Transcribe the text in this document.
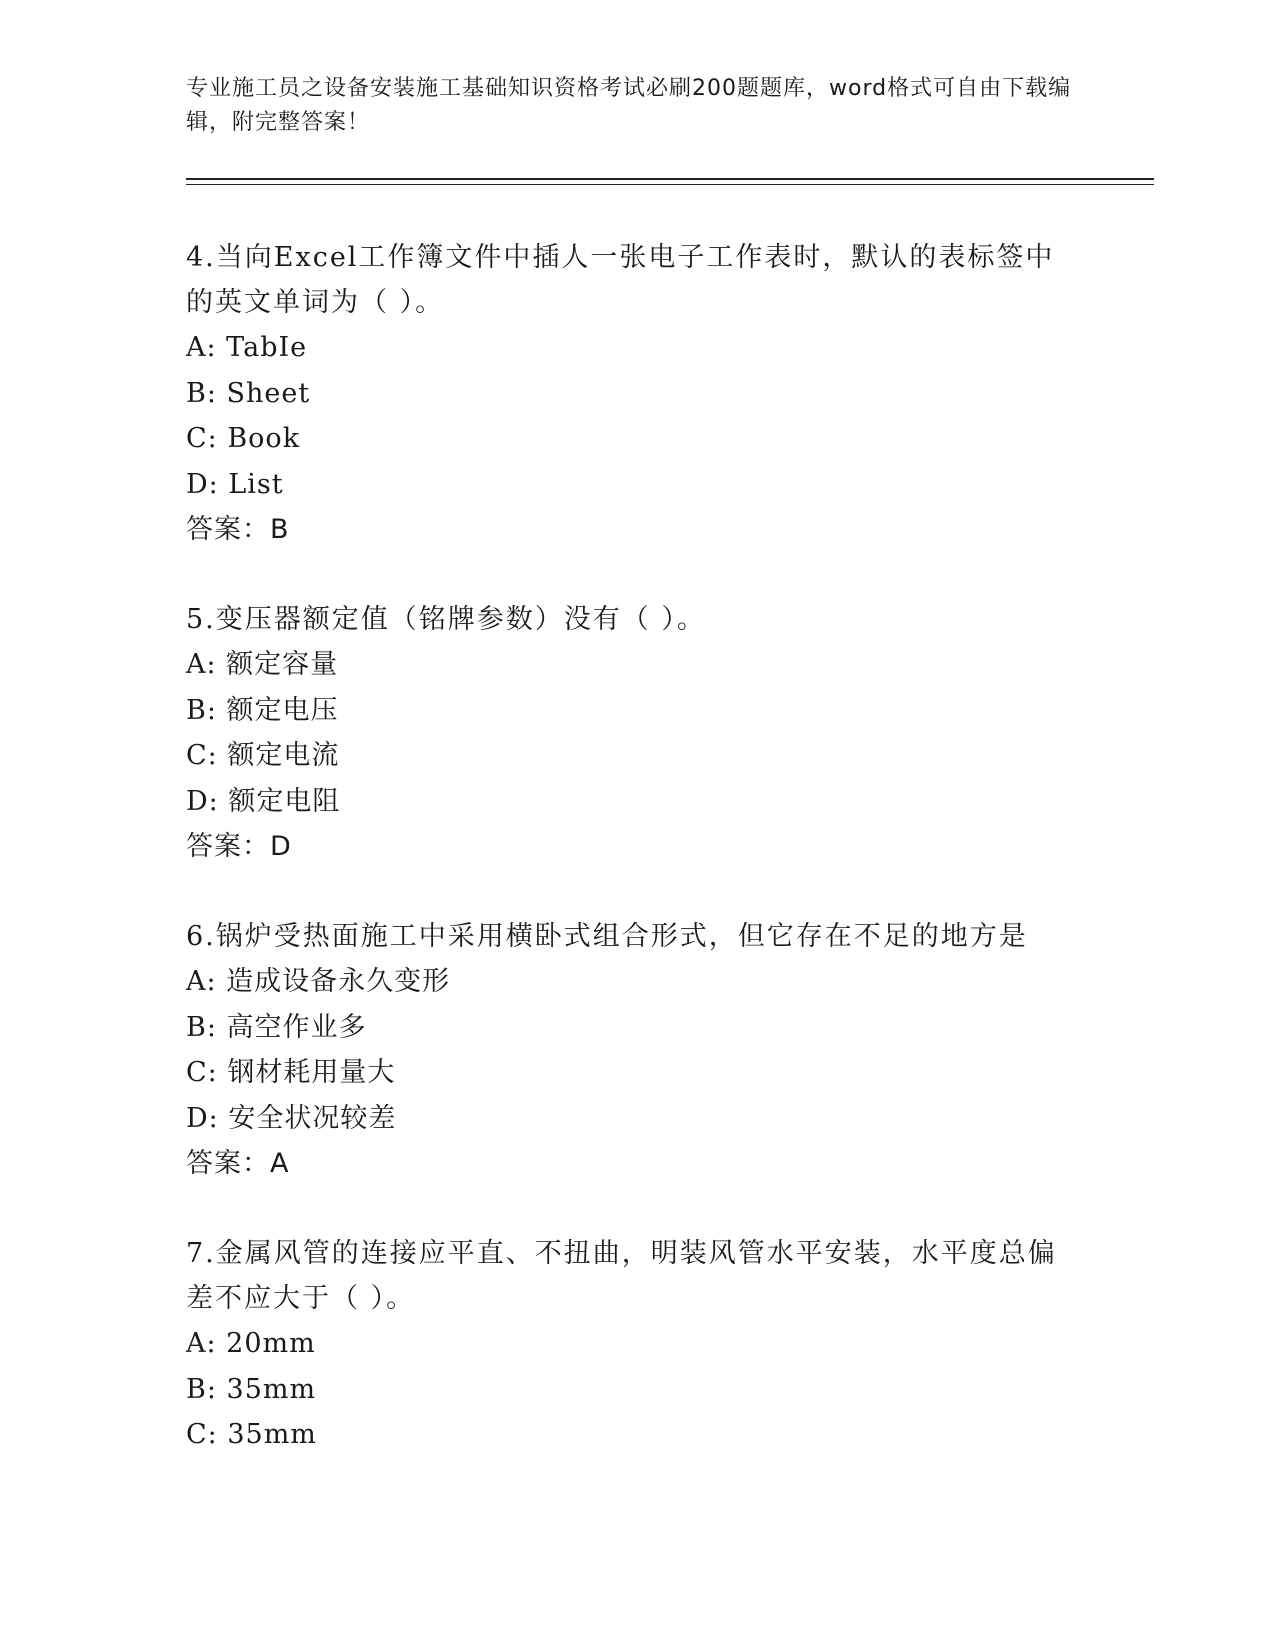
专业施工员之设备安装施工基础知识资格考试必刷200题题库，word格式可自由下载编辑，附完整答案！
4.当向Excel工作簿文件中插人一张电子工作表时，默认的表标签中的英文单词为（ ）。
A: TabIe
B: Sheet
C: Book
D: List
答案：B
5.变压器额定值（铭牌参数）没有（ ）。
A: 额定容量
B: 额定电压
C: 额定电流
D: 额定电阻
答案：D
6.锅炉受热面施工中采用横卧式组合形式，但它存在不足的地方是
A: 造成设备永久变形
B: 高空作业多
C: 钢材耗用量大
D: 安全状况较差
答案：A
7.金属风管的连接应平直、不扭曲，明装风管水平安装，水平度总偏差不应大于（ ）。
A: 20mm
B: 35mm
C: 35mm
